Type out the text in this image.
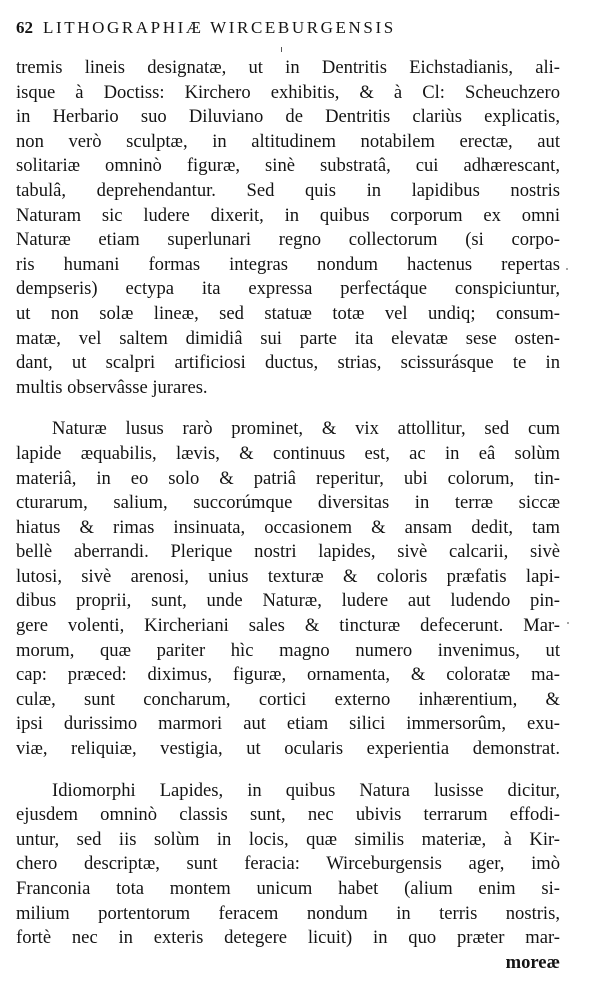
62 LITHOGRAPHIÆ WIRCEBURGENSIS
tremis lineis designatæ, ut in Dentritis Eichstadianis, ali-
isque à Doctiss: Kirchero exhibitis, & à Cl: Scheuchzero
in Herbario suo Diluviano de Dentritis clariùs explicatis,
non verò sculptæ, in altitudinem notabilem erectæ, aut
solitariæ omninò figuræ, sinè substratâ, cui adhærescant,
tabulâ, deprehendantur. Sed quis in lapidibus nostris
Naturam sic ludere dixerit, in quibus corporum ex omni
Naturæ etiam superlunari regno collectorum (si corpo-
ris humani formas integras nondum hactenus repertas
dempseris) ectypa ita expressa perfectáque conspiciuntur,
ut non solæ lineæ, sed statuæ totæ vel undiq; consum-
matæ, vel saltem dimidiâ sui parte ita elevatæ sese osten-
dant, ut scalpri artificiosi ductus, strias, scissurásque te in
multis observâsse jurares.
Naturæ lusus rarò prominet, & vix attollitur, sed cum
lapide æquabilis, lævis, & continuus est, ac in eâ solùm
materiâ, in eo solo & patriâ reperitur, ubi colorum, tin-
cturarum, salium, succorúmque diversitas in terræ siccæ
hiatus & rimas insinuata, occasionem & ansam dedit, tam
bellè aberrandi. Plerique nostri lapides, sivè calcarii, sivè
lutosi, sivè arenosi, unius texturæ & coloris præfatis lapi-
dibus proprii, sunt, unde Naturæ, ludere aut ludendo pin-
gere volenti, Kircheriani sales & tincturæ defecerunt. Mar-
morum, quæ pariter hìc magno numero invenimus, ut
cap: præced: diximus, figuræ, ornamenta, & coloratæ ma-
culæ, sunt concharum, cortici externo inhærentium, &
ipsi durissimo marmori aut etiam silici immersorûm, exu-
viæ, reliquiæ, vestigia, ut ocularis experientia demonstrat.
Idiomorphi Lapides, in quibus Natura lusisse dicitur,
ejusdem omninò classis sunt, nec ubivis terrarum effodi-
untur, sed iis solùm in locis, quæ similis materiæ, à Kir-
chero descriptæ, sunt feracia: Wirceburgensis ager, imò
Franconia tota montem unicum habet (alium enim si-
milium portentorum feracem nondum in terris nostris,
fortè nec in exteris detegere licuit) in quo præter mar-
moreæ
